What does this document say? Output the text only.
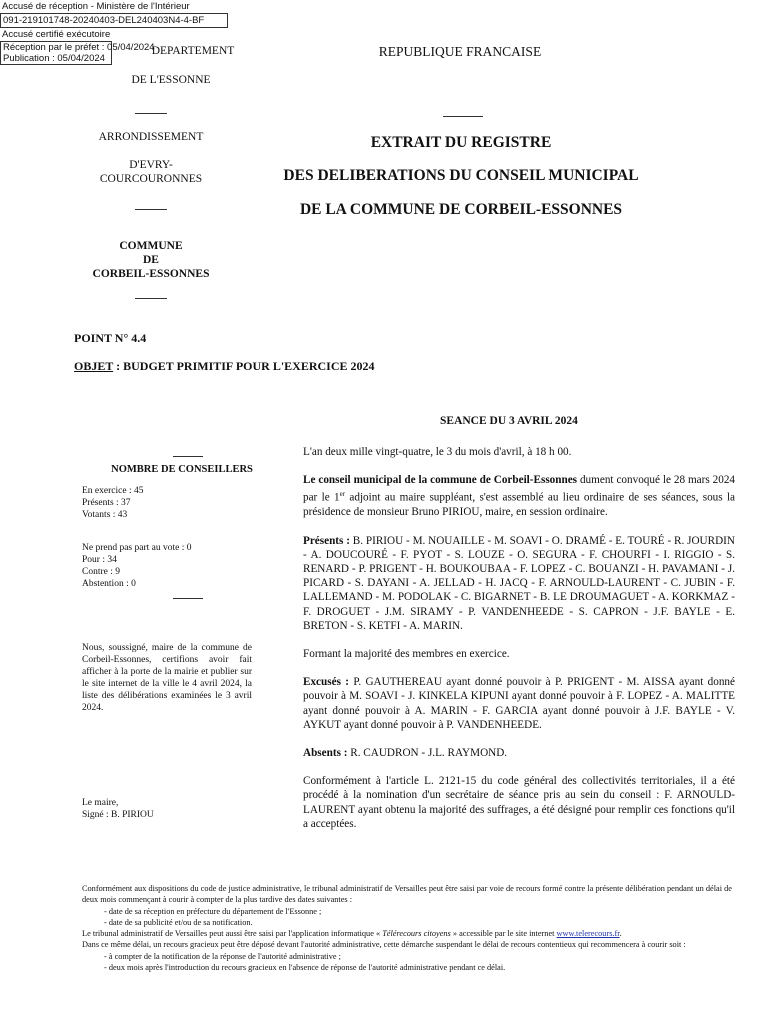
Accusé de réception - Ministère de l'Intérieur
091-219101748-20240403-DEL240403N4-4-BF
Accusé certifié exécutoire
Réception par le préfet : 05/04/2024
Publication : 05/04/2024
DEPARTEMENT
DE L'ESSONNE
ARRONDISSEMENT
D'EVRY-
COURCOURONNES
COMMUNE
DE
CORBEIL-ESSONNES
REPUBLIQUE FRANCAISE
EXTRAIT DU REGISTRE
DES DELIBERATIONS DU CONSEIL MUNICIPAL
DE LA COMMUNE DE CORBEIL-ESSONNES
POINT N° 4.4
OBJET : BUDGET PRIMITIF POUR L'EXERCICE 2024
SEANCE DU 3 AVRIL 2024
NOMBRE DE CONSEILLERS
En exercice : 45
Présents : 37
Votants : 43
Ne prend pas part au vote : 0
Pour : 34
Contre : 9
Abstention : 0
Nous, soussigné, maire de la commune de Corbeil-Essonnes, certifions avoir fait afficher à la porte de la mairie et publier sur le site internet de la ville le 4 avril 2024, la liste des délibérations examinées le 3 avril 2024.
Le maire,
Signé : B. PIRIOU
L'an deux mille vingt-quatre, le 3 du mois d'avril, à 18 h 00.
Le conseil municipal de la commune de Corbeil-Essonnes dument convoqué le 28 mars 2024 par le 1er adjoint au maire suppléant, s'est assemblé au lieu ordinaire de ses séances, sous la présidence de monsieur Bruno PIRIOU, maire, en session ordinaire.
Présents : B. PIRIOU - M. NOUAILLE - M. SOAVI - O. DRAMÉ - E. TOURÉ - R. JOURDIN - A. DOUCOURÉ - F. PYOT - S. LOUZE - O. SEGURA - F. CHOURFI - I. RIGGIO - S. RENARD - P. PRIGENT - H. BOUKOUBAA - F. LOPEZ - C. BOUANZI - H. PAVAMANI - J. PICARD - S. DAYANI - A. JELLAD - H. JACQ - F. ARNOULD-LAURENT - C. JUBIN - F. LALLEMAND - M. PODOLAK - C. BIGARNET - B. LE DROUMAGUET - A. KORKMAZ - F. DROGUET - J.M. SIRAMY - P. VANDENHEEDE - S. CAPRON - J.F. BAYLE - E. BRETON - S. KETFI - A. MARIN.
Formant la majorité des membres en exercice.
Excusés : P. GAUTHEREAU ayant donné pouvoir à P. PRIGENT - M. AISSA ayant donné pouvoir à M. SOAVI - J. KINKELA KIPUNI ayant donné pouvoir à F. LOPEZ - A. MALITTE ayant donné pouvoir à A. MARIN - F. GARCIA ayant donné pouvoir à J.F. BAYLE - V. AYKUT ayant donné pouvoir à P. VANDENHEEDE.
Absents : R. CAUDRON - J.L. RAYMOND.
Conformément à l'article L. 2121-15 du code général des collectivités territoriales, il a été procédé à la nomination d'un secrétaire de séance pris au sein du conseil : F. ARNOULD-LAURENT ayant obtenu la majorité des suffrages, a été désigné pour remplir ces fonctions qu'il a acceptées.
Conformément aux dispositions du code de justice administrative, le tribunal administratif de Versailles peut être saisi par voie de recours formé contre la présente délibération pendant un délai de deux mois commençant à courir à compter de la plus tardive des dates suivantes :
- date de sa réception en préfecture du département de l'Essonne ;
- date de sa publicité et/ou de sa notification.
Le tribunal administratif de Versailles peut aussi être saisi par l'application informatique « Télérecours citoyens » accessible par le site internet www.telerecours.fr.
Dans ce même délai, un recours gracieux peut être déposé devant l'autorité administrative, cette démarche suspendant le délai de recours contentieux qui recommencera à courir soit :
- à compter de la notification de la réponse de l'autorité administrative ;
- deux mois après l'introduction du recours gracieux en l'absence de réponse de l'autorité administrative pendant ce délai.
